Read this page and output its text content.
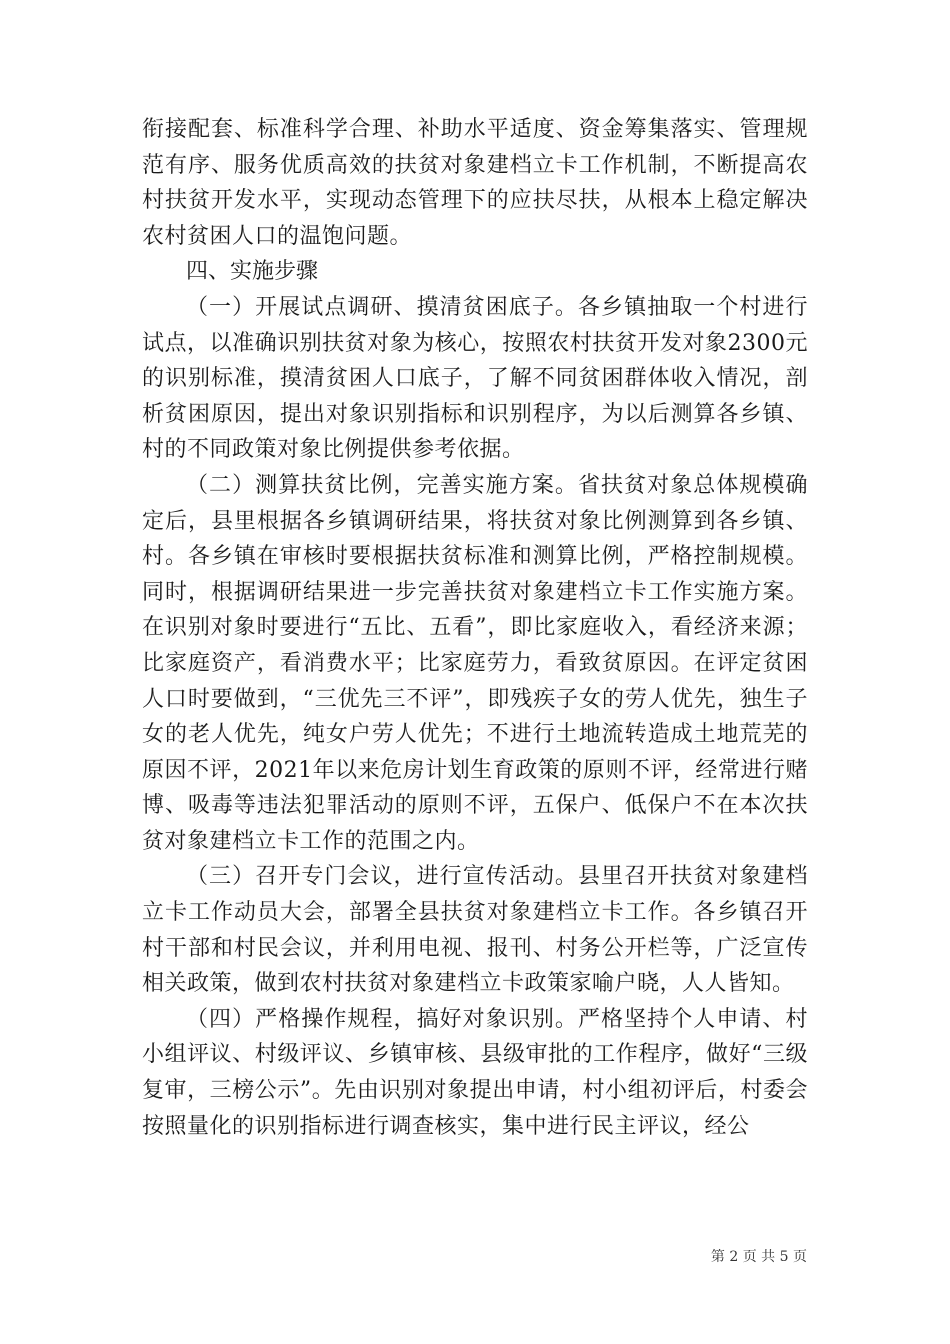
衔接配套、标准科学合理、补助水平适度、资金筹集落实、管理规范有序、服务优质高效的扶贫对象建档立卡工作机制，不断提高农村扶贫开发水平，实现动态管理下的应扶尽扶，从根本上稳定解决农村贫困人口的温饱问题。

四、实施步骤

（一）开展试点调研、摸清贫困底子。各乡镇抽取一个村进行试点，以准确识别扶贫对象为核心，按照农村扶贫开发对象2300元的识别标准，摸清贫困人口底子，了解不同贫困群体收入情况，剖析贫困原因，提出对象识别指标和识别程序，为以后测算各乡镇、村的不同政策对象比例提供参考依据。

（二）测算扶贫比例，完善实施方案。省扶贫对象总体规模确定后，县里根据各乡镇调研结果，将扶贫对象比例测算到各乡镇、村。各乡镇在审核时要根据扶贫标准和测算比例，严格控制规模。同时，根据调研结果进一步完善扶贫对象建档立卡工作实施方案。在识别对象时要进行“五比、五看”，即比家庭收入，看经济来源；比家庭资产，看消费水平；比家庭劳力，看致贫原因。在评定贫困人口时要做到，“三优先三不评”，即残疾子女的劳人优先，独生子女的老人优先，纯女户劳人优先；不进行土地流转造成土地荒芜的原因不评，2021年以来危房计划生育政策的原则不评，经常进行赌博、吸毒等违法犯罪活动的原则不评，五保户、低保户不在本次扶贫对象建档立卡工作的范围之内。

（三）召开专门会议，进行宣传活动。县里召开扶贫对象建档立卡工作动员大会，部署全县扶贫对象建档立卡工作。各乡镇召开村干部和村民会议，并利用电视、报刊、村务公开栏等，广泛宣传相关政策，做到农村扶贫对象建档立卡政策家喻户晓，人人皆知。

（四）严格操作规程，搞好对象识别。严格坚持个人申请、村小组评议、村级评议、乡镇审核、县级审批的工作程序，做好“三级复审，三榜公示”。先由识别对象提出申请，村小组初评后，村委会按照量化的识别指标进行调查核实，集中进行民主评议，经公

第 2 页 共 5 页
